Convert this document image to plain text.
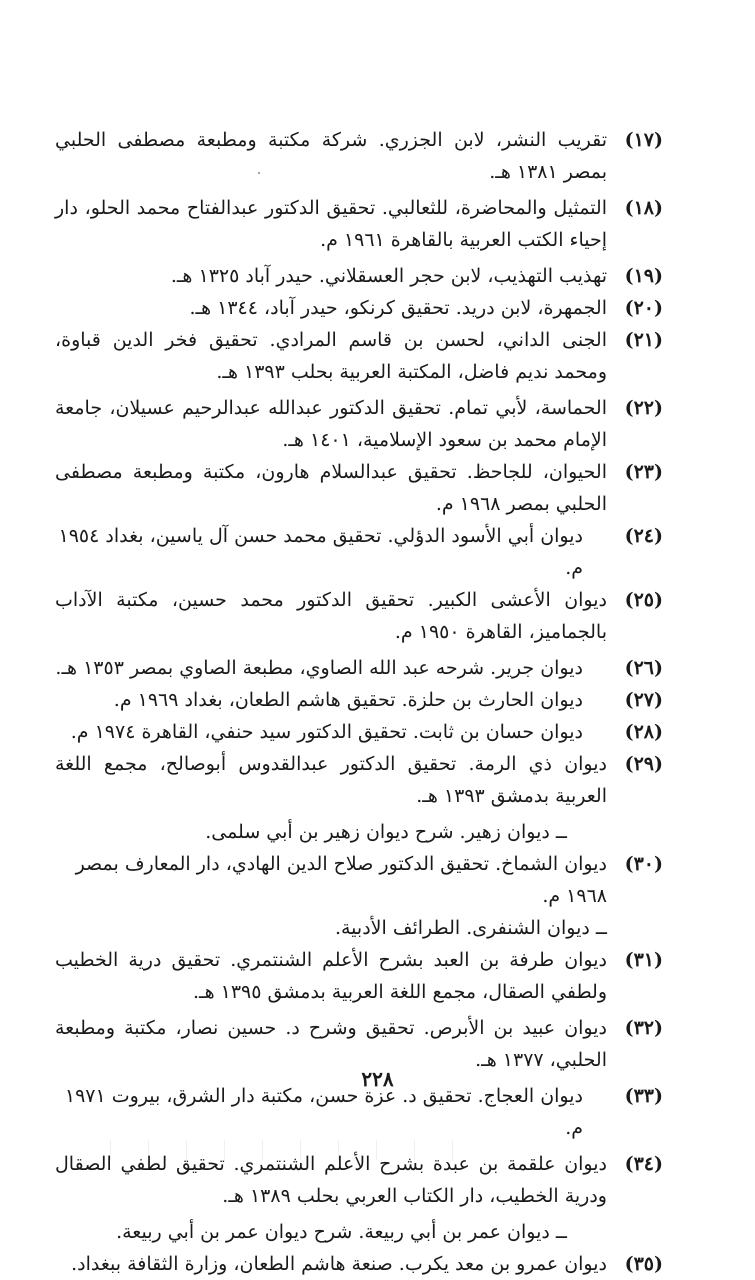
( ١٧ )
تقريب النشر، لابن الجزري. شركة مكتبة ومطبعة مصطفى الحلبي بمصر ١٣٨١ هـ.
( ١٨ )
التمثيل والمحاضرة، للثعالبي. تحقيق الدكتور عبدالفتاح محمد الحلو، دار إحياء الكتب العربية بالقاهرة ١٩٦١ م.
( ١٩ )
تهذيب التهذيب، لابن حجر العسقلاني. حيدر آباد ١٣٢٥ هـ.
( ٢٠ )
الجمهرة، لابن دريد. تحقيق كرنكو، حيدر آباد، ١٣٤٤ هـ.
( ٢١ )
الجنى الداني، لحسن بن قاسم المرادي. تحقيق فخر الدين قباوة، ومحمد نديم فاضل، المكتبة العربية بحلب ١٣٩٣ هـ.
( ٢٢ )
الحماسة، لأبي تمام. تحقيق الدكتور عبدالله عبدالرحيم عسيلان، جامعة الإمام محمد بن سعود الإسلامية، ١٤٠١ هـ.
( ٢٣ )
الحيوان، للجاحظ. تحقيق عبدالسلام هارون، مكتبة ومطبعة مصطفى الحلبي بمصر ١٩٦٨ م.
( ٢٤ )
ديوان أبي الأسود الدؤلي. تحقيق محمد حسن آل ياسين، بغداد ١٩٥٤ م.
( ٢٥ )
ديوان الأعشى الكبير. تحقيق الدكتور محمد حسين، مكتبة الآداب بالجماميز، القاهرة ١٩٥٠ م.
( ٢٦ )
ديوان جرير. شرحه عبد الله الصاوي، مطبعة الصاوي بمصر ١٣٥٣ هـ.
( ٢٧ )
ديوان الحارث بن حلزة. تحقيق هاشم الطعان، بغداد ١٩٦٩ م.
( ٢٨ )
ديوان حسان بن ثابت. تحقيق الدكتور سيد حنفي، القاهرة ١٩٧٤ م.
( ٢٩ )
ديوان ذي الرمة. تحقيق الدكتور عبدالقدوس أبوصالح، مجمع اللغة العربية بدمشق ١٣٩٣ هـ.
ــ ديوان زهير. شرح ديوان زهير بن أبي سلمى.
( ٣٠ )
ديوان الشماخ. تحقيق الدكتور صلاح الدين الهادي، دار المعارف بمصر ١٩٦٨ م.
ــ ديوان الشنفرى. الطرائف الأدبية.
( ٣١ )
ديوان طرفة بن العبد بشرح الأعلم الشنتمري. تحقيق درية الخطيب ولطفي الصقال، مجمع اللغة العربية بدمشق ١٣٩٥ هـ.
( ٣٢ )
ديوان عبيد بن الأبرص. تحقيق وشرح د. حسين نصار، مكتبة ومطبعة الحلبي، ١٣٧٧ هـ.
( ٣٣ )
ديوان العجاج. تحقيق د. عزة حسن، مكتبة دار الشرق، بيروت ١٩٧١ م.
( ٣٤ )
ديوان علقمة بن عبدة بشرح الأعلم الشنتمري. تحقيق لطفي الصقال ودرية الخطيب، دار الكتاب العربي بحلب ١٣٨٩ هـ.
ــ ديوان عمر بن أبي ربيعة. شرح ديوان عمر بن أبي ربيعة.
( ٣٥ )
ديوان عمرو بن معد يكرب. صنعة هاشم الطعان، وزارة الثقافة ببغداد.
٢٢٨
